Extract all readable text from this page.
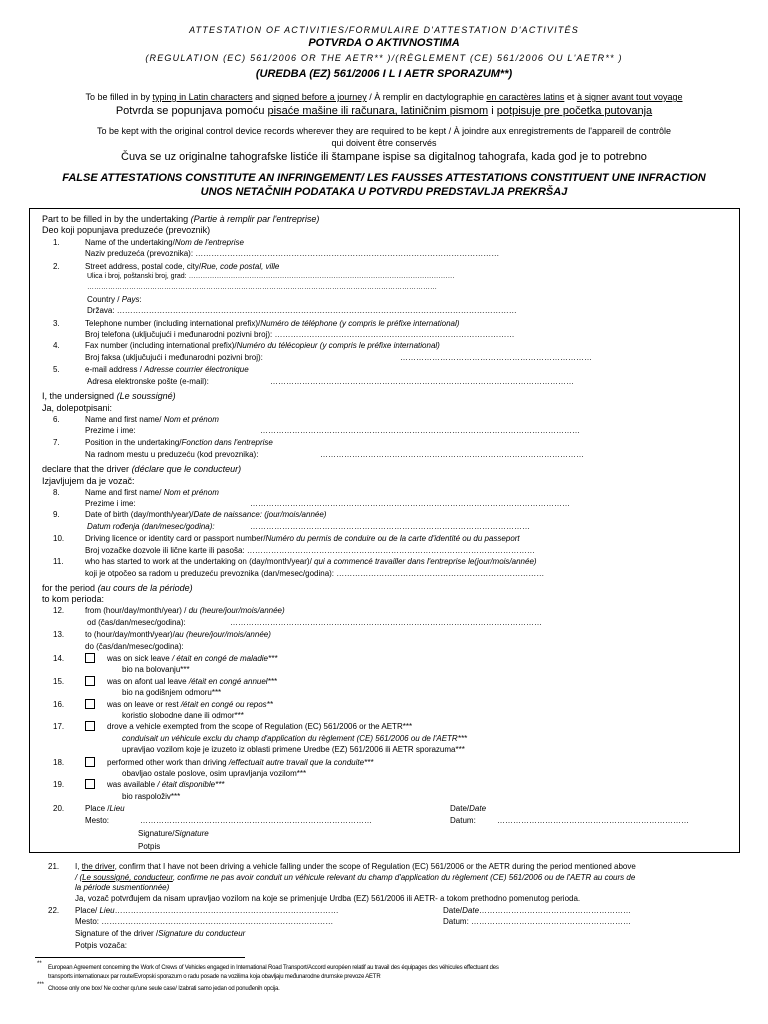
ATTESTATION OF ACTIVITIES/FORMULAIRE D'ATTESTATION D'ACTIVITÉS
POTVRDA O AKTIVNOSTIMA
(REGULATION (EC) 561/2006 OR THE AETR** )/(RÈGLEMENT (CE) 561/2006 OU L'AETR** )
(UREDBA (EZ) 561/2006 I L I AETR SPORAZUM**)
To be filled in by typing in Latin characters and signed before a journey / À remplir en dactylographie en caractères latins et à signer avant tout voyage
Potvrda se popunjava pomoću pisaće mašine ili računara, latiničnim pismom i potpisuje pre početka putovanja
To be kept with the original control device records wherever they are required to be kept / À joindre aux enregistrements de l'appareil de contrôle
qui doivent être conservés
Čuva se uz originalne tahografske listiće ili štampane ispise sa digitalnog tahografa, kada god je to potrebno
FALSE ATTESTATIONS CONSTITUTE AN INFRINGEMENT/ LES FAUSSES ATTESTATIONS CONSTITUENT UNE INFRACTION
UNOS NETAČNIH PODATAKA U POTVRDU PREDSTAVLJA PREKRŠAJ
Part to be filled in by the undertaking (Partie à remplir par l'entreprise)
Deo koji popunjava preduzeće (prevoznik)
1.	Name of the undertaking/Nom de l'entreprise
Naziv preduzeća (prevoznika): ……………………………………………………………………………………………………
2.	Street address, postal code, city/Rue, code postal, ville
Ulica i broj, poštanski broj, grad: ……………………………………………………………………………………………………
……………………………………………………………………………………………………………………………………
Country / Pays:
Država: ……………………………………………………………………………………………………………………………………
3.	Telephone number (including international prefix)/Numéro de téléphone (y compris le préfixe international)
Broj telefona (uključujući i međunarodni pozivni broj): ………………………………………………………………………………
4.	Fax number (including international prefix)/Numéro du télécopieur (y compris le préfixe international)
Broj faksa (uključujući i međunarodni pozivni broj):	………………………………………………………………
5.	e-mail address / Adresse courrier électronique
Adresa elektronske pošte (e-mail):	……………………………………………………………………………………………………
I, the undersigned (Le soussigné)
Ja, dolepotpisani:
6.	Name and first name/ Nom et prénom
Prezime i ime:	…………………………………………………………………………………………………………
7.	Position in the undertaking/Fonction dans l'entreprise
Na radnom mestu u preduzeću (kod prevoznika):	………………………………………………………………………………………
declare that the driver (déclare que le conducteur)
Izjavljujem da je vozač:
8.	Name and first name/ Nom et prénom
Prezime i ime:	…………………………………………………………………………………………………………
9.	Date of birth (day/month/year)/Date de naissance: (jour/mois/année)
Datum rođenja (dan/mesec/godina):	……………………………………………………………………………………………
10.	Driving licence or identity card or passport number/Numéro du permis de conduire ou de la carte d'identité ou du passeport
Broj vozačke dozvole ili lične karte ili pasoša: ………………………………………………………………………………………………
11.	who has started to work at the undertaking on (day/month/year)/ qui a commencé travailler dans l'entreprise le(jour/mois/année)
koji je otpočeo sa radom u preduzeću prevoznika (dan/mesec/godina): ……………………………………………………………………
for the period (au cours de la période)
to kom perioda:
12.	from (hour/day/month/year) / du (heure/jour/mois/année)
od (čas/dan/mesec/godina):	………………………………………………………………………………………………………
13.	to (hour/day/month/year)/au (heure/jour/mois/année)
do (čas/dan/mesec/godina):
14.	was on sick leave / était en congé de maladie***
bio na bolovanju***
15.	was on afont ual leave /était en congé annuel***
bio na godišnjem odmoru***
16.	was on leave or rest /était en congé ou repos**
koristio slobodne dane ili odmor***
17.	drove a vehicle exempted from the scope of Regulation (EC) 561/2006 or the AETR***
conduisait un véhicule exclu du champ d'application du règlement (CE) 561/2006 ou de l'AETR***
upravljao vozilom koje je izuzeto iz oblasti primene Uredbe (EZ) 561/2006 ili AETR sporazuma***
18.	performed other work than driving /effectuait autre travail que la conduite***
obavljao ostale poslove, osim upravljanja vozilom***
19.	was available / était disponible***
bio raspoloživ***
20.	Place /Lieu
Mesto:	……………………………………………………………………………
Date/Date
Datum:	………………………………………………………………
Signature/Signature
Potpis
21. I, the driver, confirm that I have not been driving a vehicle falling under the scope of Regulation (EC) 561/2006 or the AETR during the period mentioned above
/ (Le soussigné, conducteur, confirme ne pas avoir conduit un véhicule relevant du champ d'application du règlement (CE) 561/2006 ou de l'AETR au cours de
la période susmentionnée)
Ja, vozač potvrđujem da nisam upravljao vozilom na koje se primenjuje Urdba (EZ) 561/2006 ili AETR- a tokom prethodno pomenutog perioda.
22. Place/ Lieu…………………………………………………………………………	Date/Date…………………………………………………
Mesto: ……………………………………………………………………………	Datum: ……………………………………………………
Signature of the driver /Signature du conducteur
Potpis vozača:
**
European Agreement concerning the Work of Crews of Vehicles engaged in International Road Transport/Accord européen relatif au travail des équipages des véhicules effectuant des
transports internationaux par route/Evropski sporazum o radu posade na vozilima koja obavljaju međunarodne drumske prevoze AETR
***
Choose only one box/ Ne cocher qu'une seule case/ Izabrati samo jedan od ponuđenih opcija.
